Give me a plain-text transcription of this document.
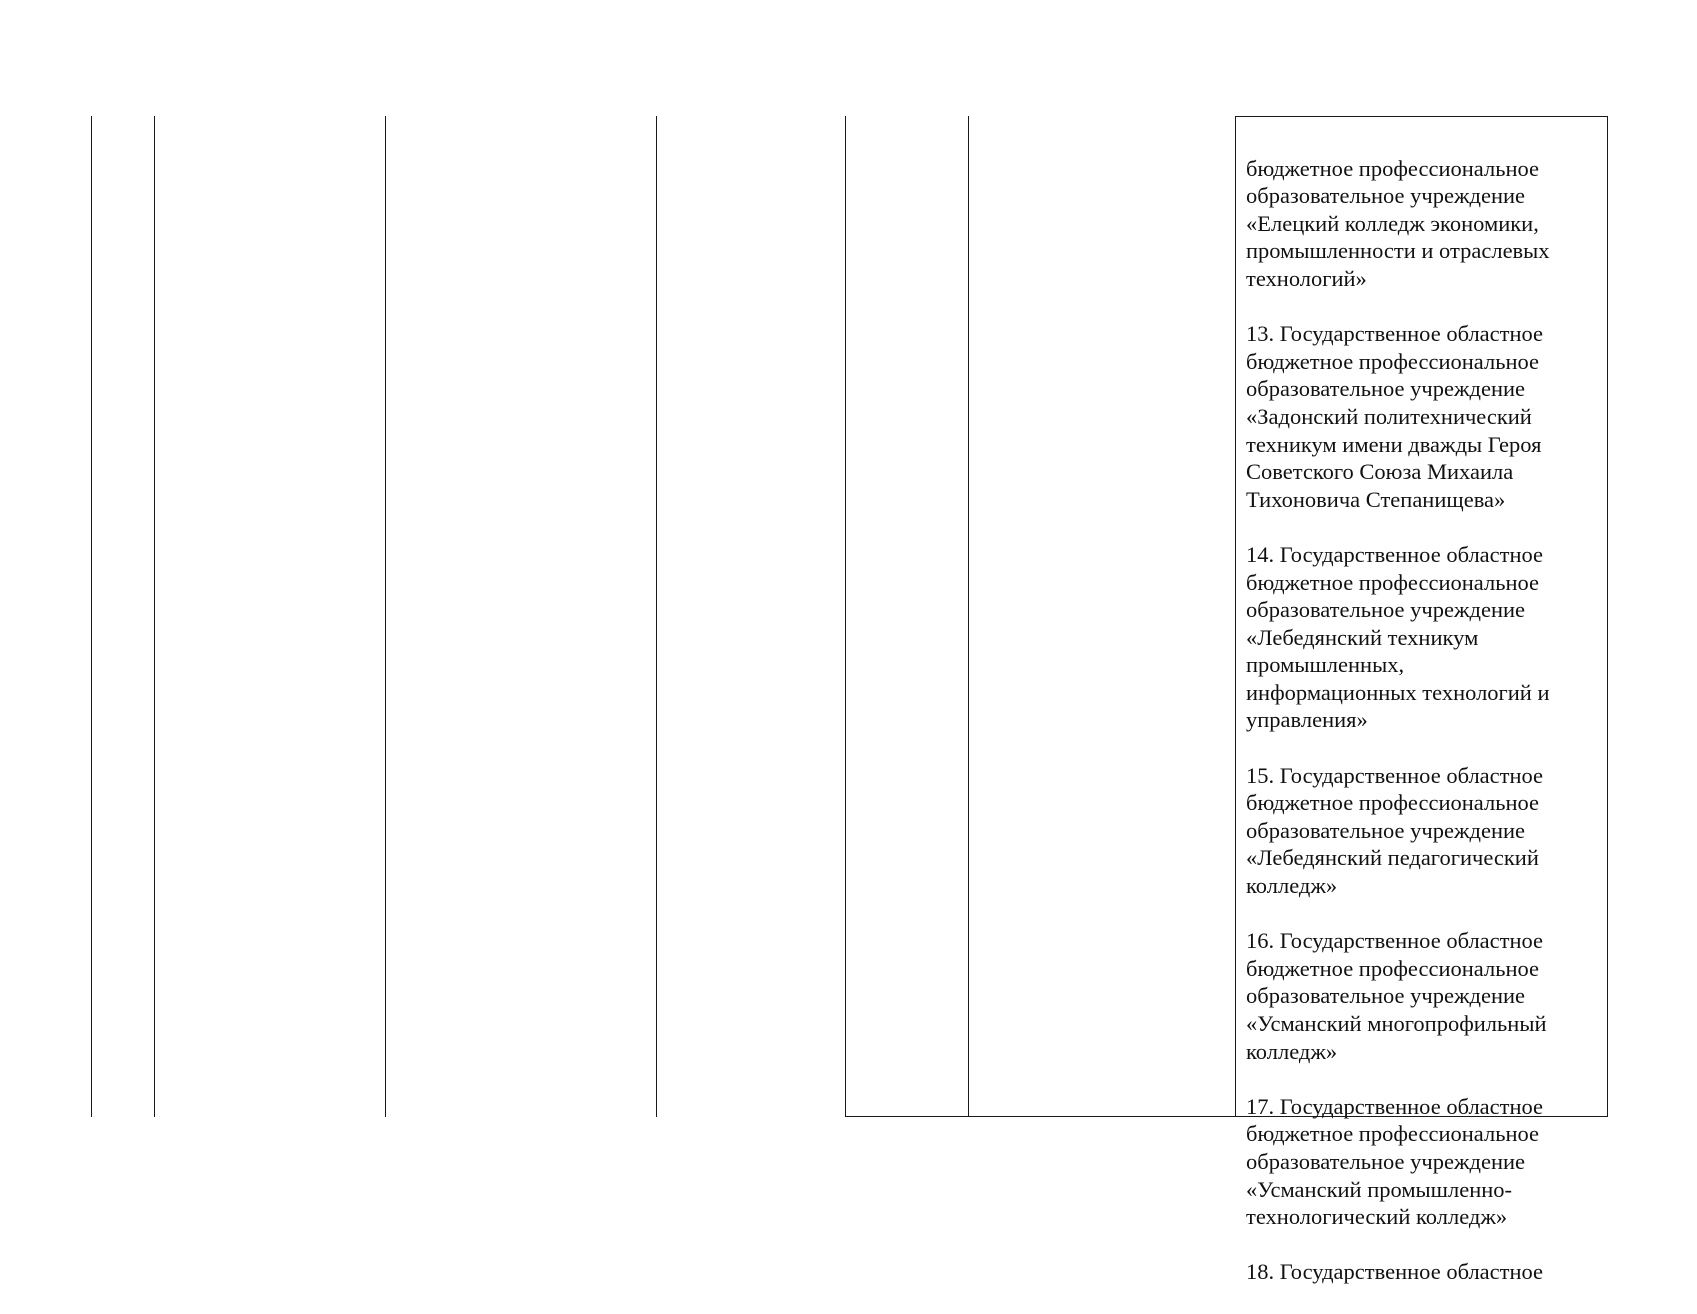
бюджетное профессиональное
образовательное учреждение
«Елецкий колледж экономики,
промышленности и отраслевых
технологий»

13. Государственное областное
бюджетное профессиональное
образовательное учреждение
«Задонский политехнический
техникум имени дважды Героя
Советского Союза Михаила
Тихоновича Степанищева»

14. Государственное областное
бюджетное профессиональное
образовательное учреждение
«Лебедянский техникум
промышленных,
информационных технологий и
управления»

15. Государственное областное
бюджетное профессиональное
образовательное учреждение
«Лебедянский педагогический
колледж»

16. Государственное областное
бюджетное профессиональное
образовательное учреждение
«Усманский многопрофильный
колледж»

17. Государственное областное
бюджетное профессиональное
образовательное учреждение
«Усманский промышленно-
технологический колледж»

18. Государственное областное
